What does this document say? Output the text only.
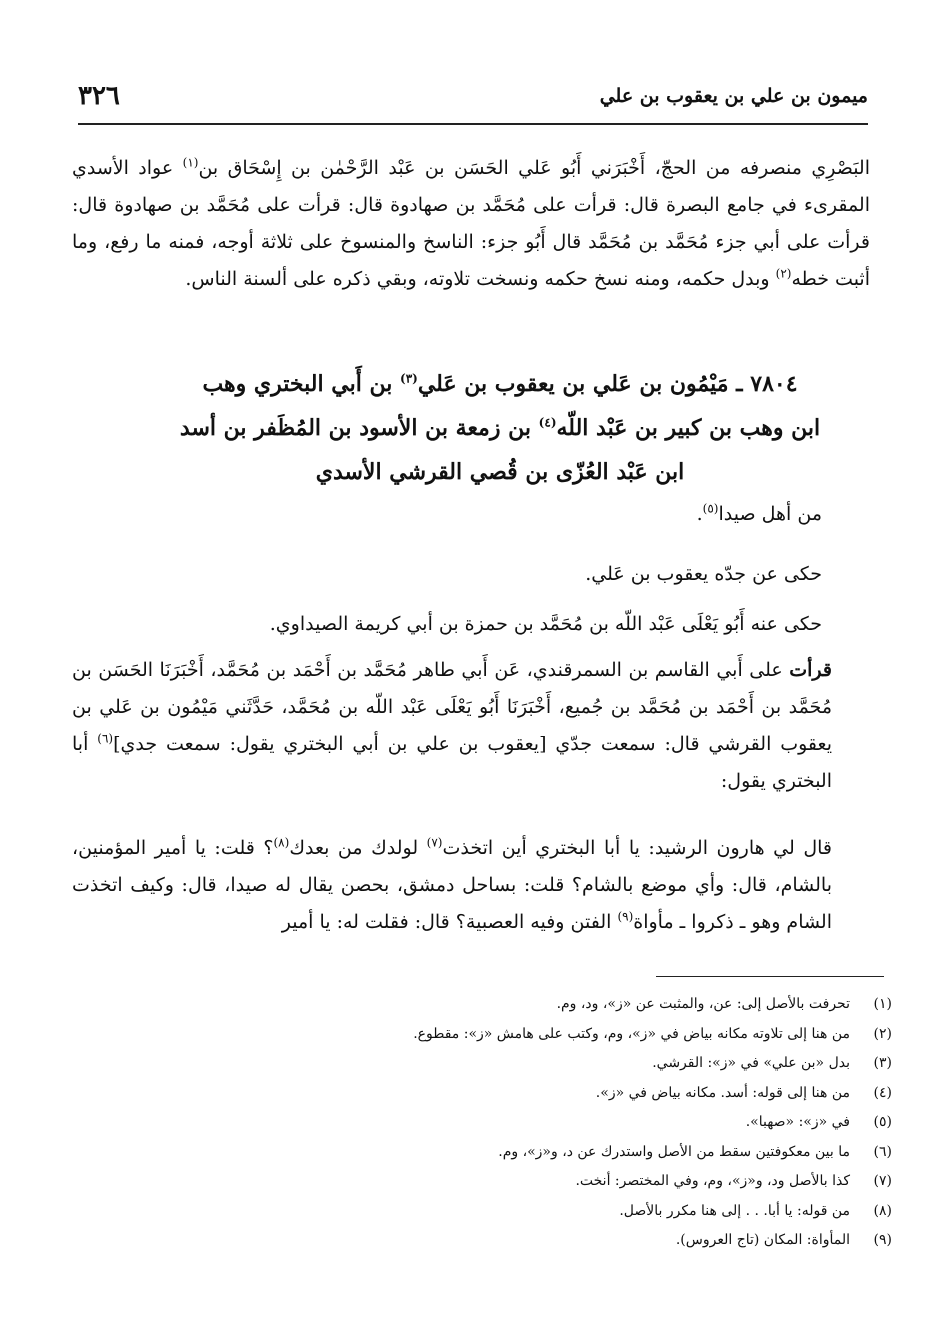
ميمون بن علي بن يعقوب بن علي
٣٢٦

البَصْرِي منصرفه من الحجّ، أَخْبَرَني أَبُو عَلي الحَسَن بن عَبْد الرَّحْمٰن بن إِسْحَاق بن$^{(١)}$ عواد الأسدي المقرىء في جامع البصرة قال: قرأت على مُحَمَّد بن صهادوة قال: قرأت على مُحَمَّد بن صهادوة قال: قرأت على أبي جزء مُحَمَّد بن مُحَمَّد قال أَبُو جزء: الناسخ والمنسوخ على ثلاثة أوجه، فمنه ما رفع، وما أثبت خطه$^{(٢)}$ وبدل حكمه، ومنه نسخ حكمه ونسخت تلاوته، وبقي ذكره على ألسنة الناس.

٧٨٠٤ ـ مَيْمُون بن عَلي بن يعقوب بن عَلي$^{(٣)}$ بن أَبي البختري وهب
ابن وهب بن كبير بن عَبْد اللّه$^{(٤)}$ بن زمعة بن الأسود بن المُظَفر بن أسد
ابن عَبْد العُزّى بن قُصي القرشي الأسدي
من أهل صيدا$^{(٥)}$.
حكى عن جدّه يعقوب بن عَلي.
حكى عنه أَبُو يَعْلَى عَبْد اللّه بن مُحَمَّد بن حمزة بن أبي كريمة الصيداوي.

قرأت على أَبي القاسم بن السمرقندي، عَن أَبي طاهر مُحَمَّد بن أَحْمَد بن مُحَمَّد، أَخْبَرَنَا الحَسَن بن مُحَمَّد بن أَحْمَد بن مُحَمَّد بن جُميع، أَخْبَرَنَا أَبُو يَعْلَى عَبْد اللّه بن مُحَمَّد، حَدَّثَني مَيْمُون بن عَلي بن يعقوب القرشي قال: سمعت جدّي [يعقوب بن علي بن أبي البختري يقول: سمعت جدي]$^{(٦)}$ أبا البختري يقول:

قال لي هارون الرشيد: يا أبا البختري أين اتخذت$^{(٧)}$ لولدك من بعدك$^{(٨)}$؟ قلت: يا أمير المؤمنين، بالشام، قال: وأي موضع بالشام؟ قلت: بساحل دمشق، بحصن يقال له صيدا، قال: وكيف اتخذت الشام وهو ـ ذكروا ـ مأواة$^{(٩)}$ الفتن وفيه العصبية؟ قال: فقلت له: يا أمير

(١)
تحرفت بالأصل إلى: عن، والمثبت عن «ز»، ود، وم.
(٢)
من هنا إلى تلاوته مكانه بياض في «ز»، وم، وكتب على هامش «ز»: مقطوع.
(٣)
بدل «بن علي» في «ز»: القرشي.
(٤)
من هنا إلى قوله: أسد. مكانه بياض في «ز».
(٥)
في «ز»: «صهبا».
(٦)
ما بين معكوفتين سقط من الأصل واستدرك عن د، و«ز»، وم.
(٧)
كذا بالأصل ود، و«ز»، وم، وفي المختصر: أنخت.
(٨)
من قوله: يا أبا. . . إلى هنا مكرر بالأصل.
(٩)
المأواة: المكان (تاج العروس).
